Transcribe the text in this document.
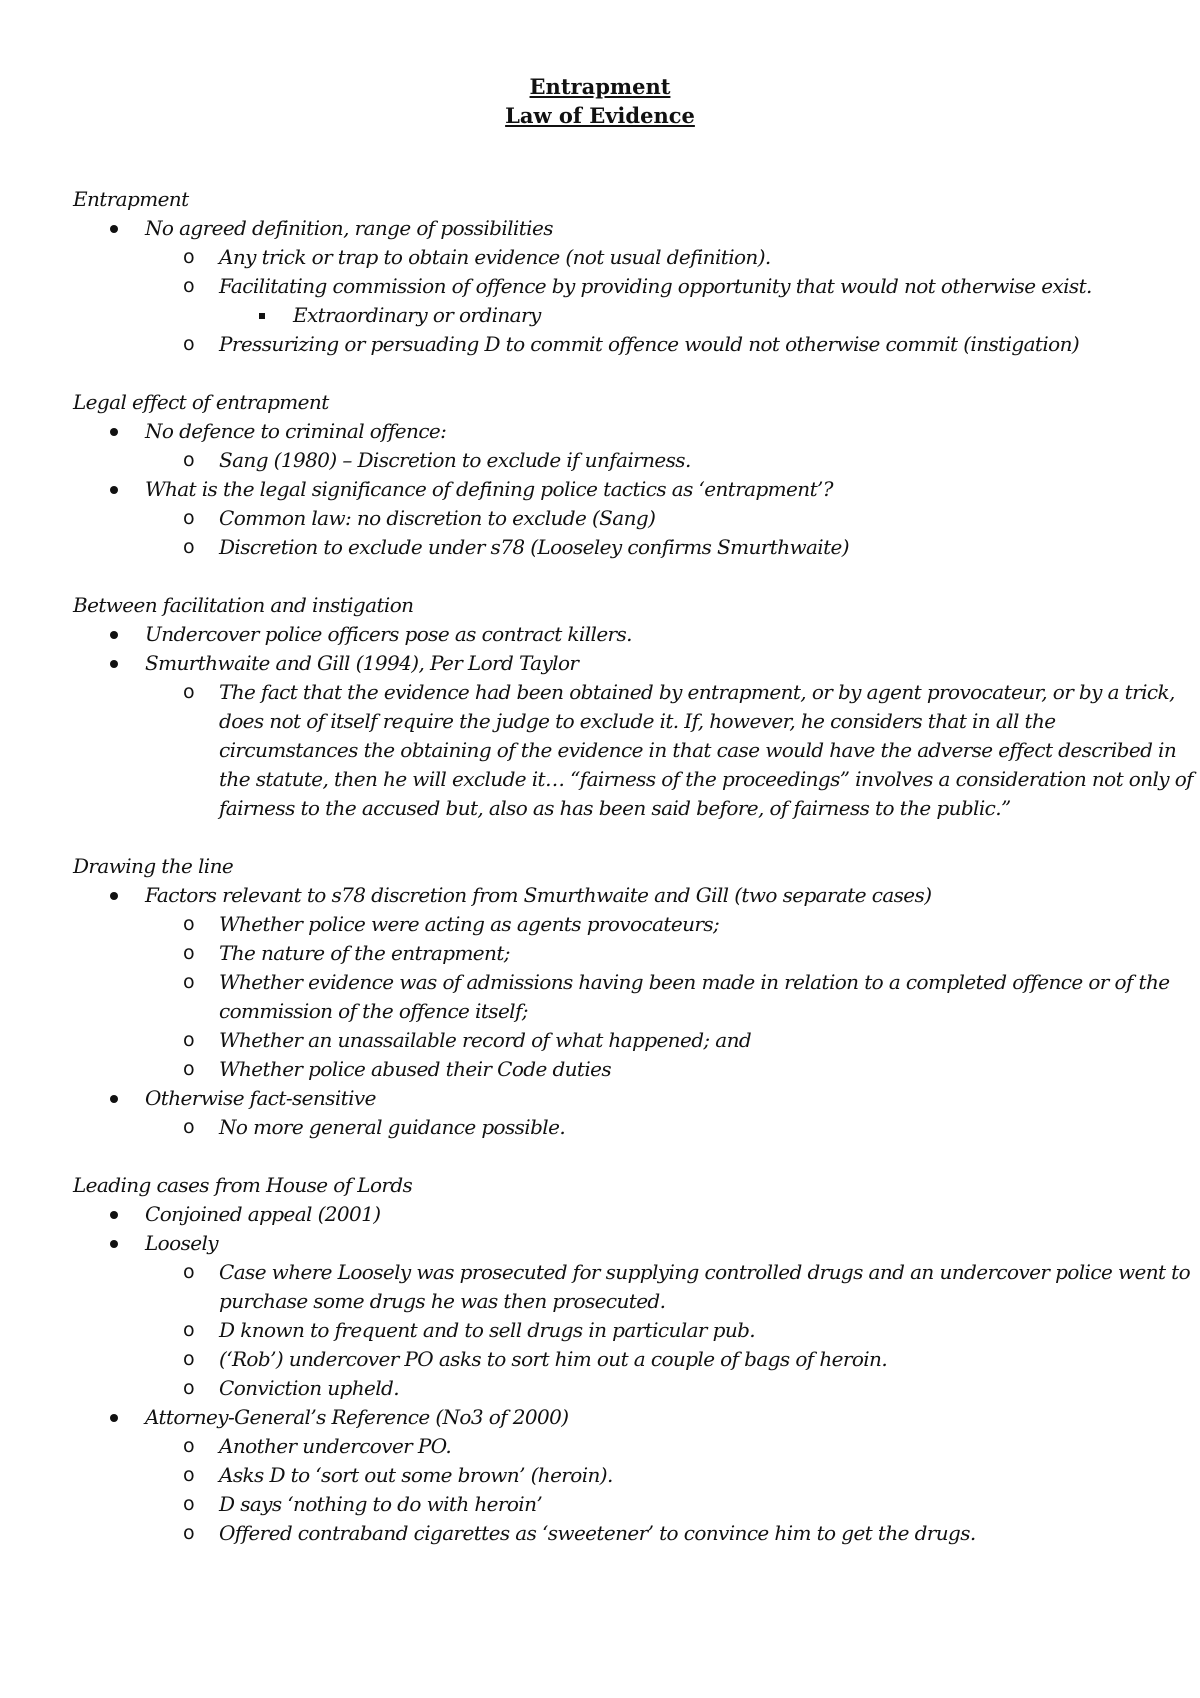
Entrapment
Law of Evidence

Entrapment

No agreed definition, range of possibilities

o Any trick or trap to obtain evidence (not usual definition).

o Facilitating commission of offence by providing opportunity that would not otherwise exist.

Extraordinary or ordinary

o Pressurizing or persuading D to commit offence would not otherwise commit (instigation)

Legal effect of entrapment

No defence to criminal offence:

o Sang (1980) – Discretion to exclude if unfairness.

What is the legal significance of defining police tactics as ‘entrapment’?

o Common law: no discretion to exclude (Sang)

o Discretion to exclude under s78 (Looseley confirms Smurthwaite)

Between facilitation and instigation

Undercover police officers pose as contract killers.

Smurthwaite and Gill (1994), Per Lord Taylor

o The fact that the evidence had been obtained by entrapment, or by agent provocateur, or by a trick, does not of itself require the judge to exclude it. If, however, he considers that in all the circumstances the obtaining of the evidence in that case would have the adverse effect described in the statute, then he will exclude it… “fairness of the proceedings” involves a consideration not only of fairness to the accused but, also as has been said before, of fairness to the public.”

Drawing the line

Factors relevant to s78 discretion from Smurthwaite and Gill (two separate cases)

o Whether police were acting as agents provocateurs;

o The nature of the entrapment;

o Whether evidence was of admissions having been made in relation to a completed offence or of the commission of the offence itself;

o Whether an unassailable record of what happened; and

o Whether police abused their Code duties

Otherwise fact-sensitive

o No more general guidance possible.

Leading cases from House of Lords

Conjoined appeal (2001)

Loosely

o Case where Loosely was prosecuted for supplying controlled drugs and an undercover police went to purchase some drugs he was then prosecuted.

o D known to frequent and to sell drugs in particular pub.

o (‘Rob’) undercover PO asks to sort him out a couple of bags of heroin.

o Conviction upheld.

Attorney-General’s Reference (No3 of 2000)

o Another undercover PO.

o Asks D to ‘sort out some brown’ (heroin).

o D says ‘nothing to do with heroin’

o Offered contraband cigarettes as ‘sweetener’ to convince him to get the drugs.
